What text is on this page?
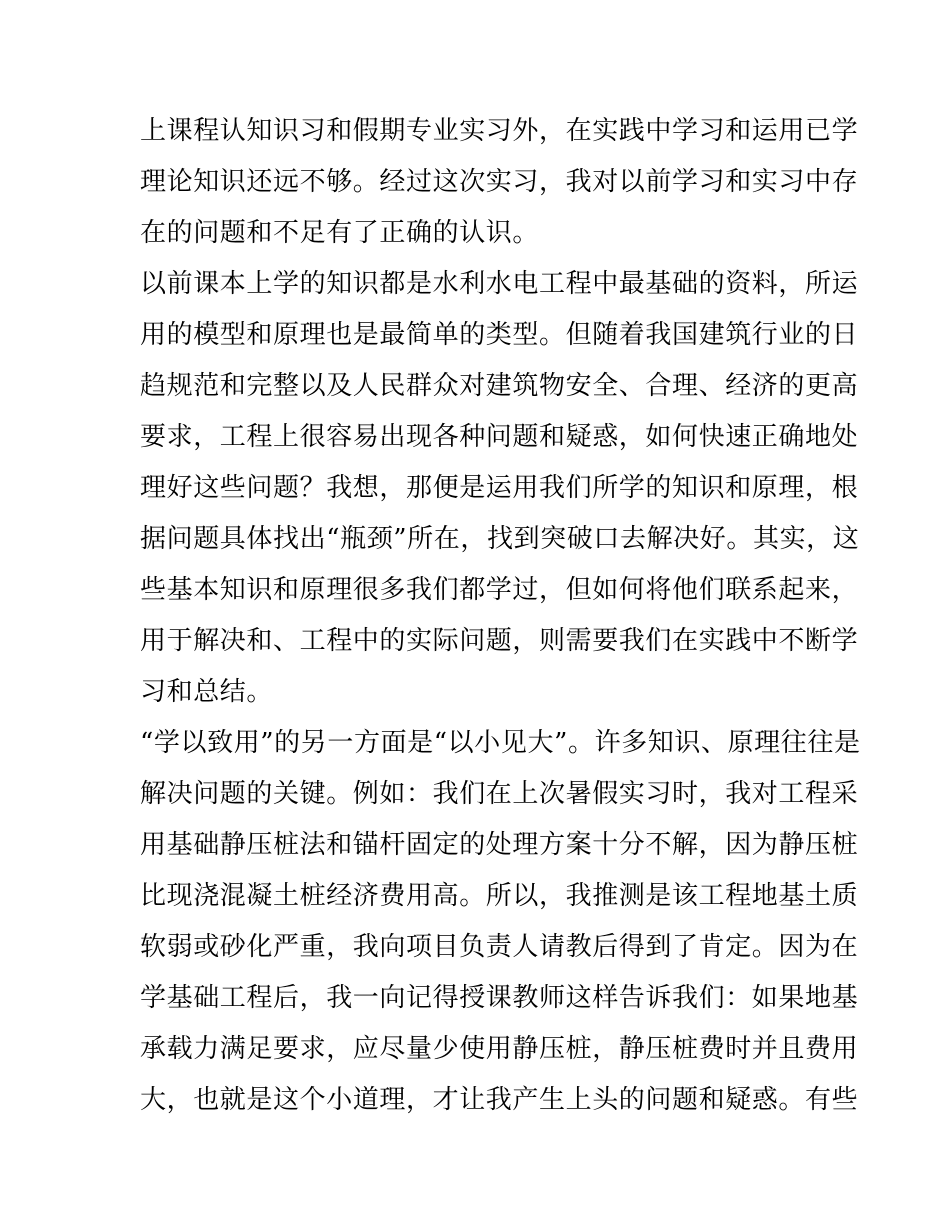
上课程认知识习和假期专业实习外，在实践中学习和运用已学
理论知识还远不够。经过这次实习，我对以前学习和实习中存
在的问题和不足有了正确的认识。
以前课本上学的知识都是水利水电工程中最基础的资料，所运
用的模型和原理也是最简单的类型。但随着我国建筑行业的日
趋规范和完整以及人民群众对建筑物安全、合理、经济的更高
要求，工程上很容易出现各种问题和疑惑，如何快速正确地处
理好这些问题？我想，那便是运用我们所学的知识和原理，根
据问题具体找出“瓶颈”所在，找到突破口去解决好。其实，这
些基本知识和原理很多我们都学过，但如何将他们联系起来，
用于解决和、工程中的实际问题，则需要我们在实践中不断学
习和总结。
“学以致用”的另一方面是“以小见大”。许多知识、原理往往是
解决问题的关键。例如：我们在上次暑假实习时，我对工程采
用基础静压桩法和锚杆固定的处理方案十分不解，因为静压桩
比现浇混凝土桩经济费用高。所以，我推测是该工程地基土质
软弱或砂化严重，我向项目负责人请教后得到了肯定。因为在
学基础工程后，我一向记得授课教师这样告诉我们：如果地基
承载力满足要求，应尽量少使用静压桩，静压桩费时并且费用
大，也就是这个小道理，才让我产生上头的问题和疑惑。有些
